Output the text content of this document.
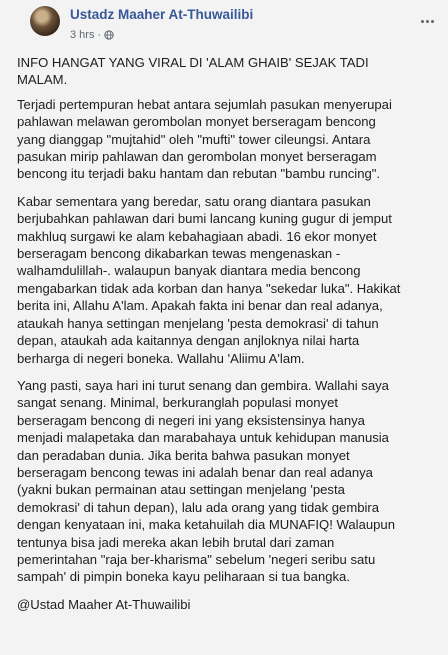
Ustadz Maaher At-Thuwailibi
3 hrs ·

INFO HANGAT YANG VIRAL DI 'ALAM GHAIB' SEJAK TADI
MALAM.

Terjadi pertempuran hebat antara sejumlah pasukan menyerupai
pahlawan melawan gerombolan monyet berseragam bencong
yang dianggap "mujtahid" oleh "mufti" tower cileungsi. Antara
pasukan mirip pahlawan dan gerombolan monyet berseragam
bencong itu terjadi baku hantam dan rebutan "bambu runcing".

Kabar sementara yang beredar, satu orang diantara pasukan
berjubahkan pahlawan dari bumi lancang kuning gugur di jemput
makhluq surgawi ke alam kebahagiaan abadi. 16 ekor monyet
berseragam bencong dikabarkan tewas mengenaskan -
walhamdulillah-. walaupun banyak diantara media bencong
mengabarkan tidak ada korban dan hanya "sekedar luka". Hakikat
berita ini, Allahu A'lam. Apakah fakta ini benar dan real adanya,
ataukah hanya settingan menjelang 'pesta demokrasi' di tahun
depan, ataukah ada kaitannya dengan anjloknya nilai harta
berharga di negeri boneka. Wallahu 'Aliimu A'lam.

Yang pasti, saya hari ini turut senang dan gembira. Wallahi saya
sangat senang. Minimal, berkuranglah populasi monyet
berseragam bencong di negeri ini yang eksistensinya hanya
menjadi malapetaka dan marabahaya untuk kehidupan manusia
dan peradaban dunia. Jika berita bahwa pasukan monyet
berseragam bencong tewas ini adalah benar dan real adanya
(yakni bukan permainan atau settingan menjelang 'pesta
demokrasi' di tahun depan), lalu ada orang yang tidak gembira
dengan kenyataan ini, maka ketahuilah dia MUNAFIQ! Walaupun
tentunya bisa jadi mereka akan lebih brutal dari zaman
pemerintahan "raja ber-kharisma" sebelum 'negeri seribu satu
sampah' di pimpin boneka kayu peliharaan si tua bangka.

@Ustad Maaher At-Thuwailibi
